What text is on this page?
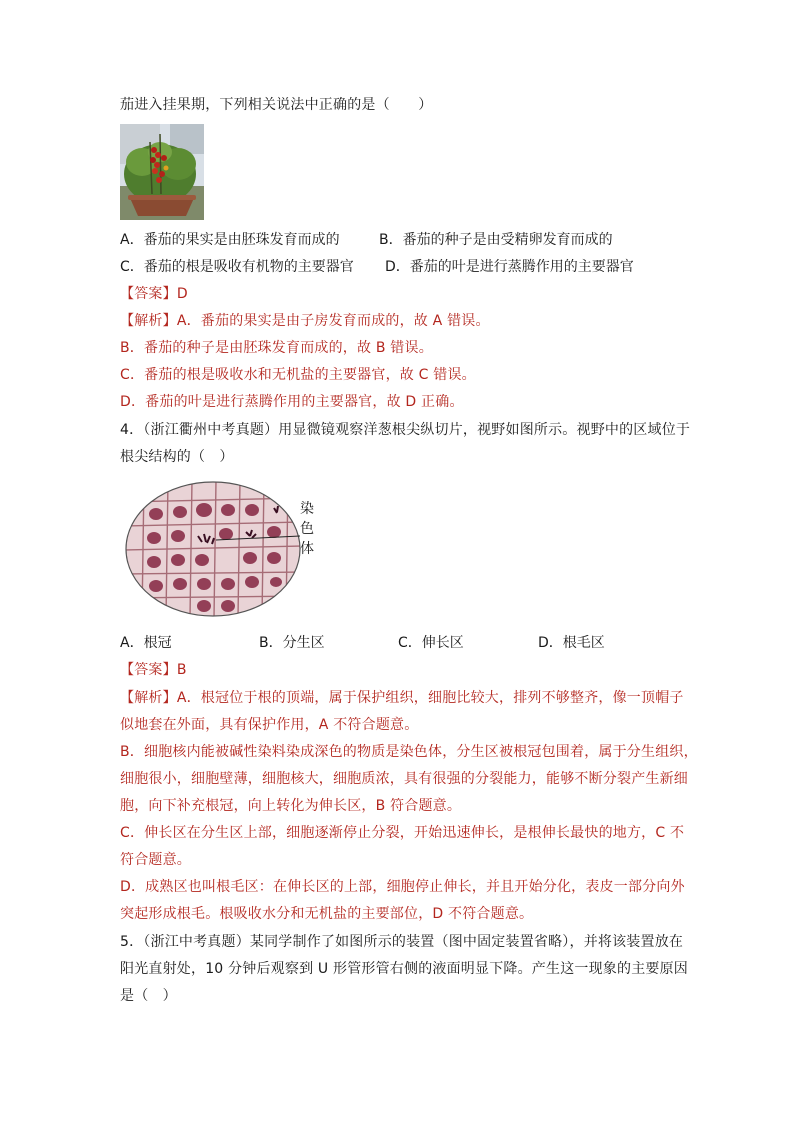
茄进入挂果期，下列相关说法中正确的是（　　）
A．番茄的果实是由胚珠发育而成的	B．番茄的种子是由受精卵发育而成的
C．番茄的根是吸收有机物的主要器官 D．番茄的叶是进行蒸腾作用的主要器官
【答案】D
【解析】A．番茄的果实是由子房发育而成的，故 A 错误。
B．番茄的种子是由胚珠发育而成的，故 B 错误。
C．番茄的根是吸收水和无机盐的主要器官，故 C 错误。
D．番茄的叶是进行蒸腾作用的主要器官，故 D 正确。
4．（浙江衢州中考真题）用显微镜观察洋葱根尖纵切片，视野如图所示。视野中的区域位于
根尖结构的（　）
染
色
体
A．根冠	B．分生区	C．伸长区	D．根毛区
【答案】B
【解析】A．根冠位于根的顶端，属于保护组织，细胞比较大，排列不够整齐，像一顶帽子
似地套在外面，具有保护作用，A 不符合题意。
B．细胞核内能被碱性染料染成深色的物质是染色体，分生区被根冠包围着，属于分生组织，
细胞很小，细胞壁薄，细胞核大，细胞质浓，具有很强的分裂能力，能够不断分裂产生新细
胞，向下补充根冠，向上转化为伸长区，B 符合题意。
C．伸长区在分生区上部，细胞逐渐停止分裂，开始迅速伸长，是根伸长最快的地方，C 不
符合题意。
D．成熟区也叫根毛区：在伸长区的上部，细胞停止伸长，并且开始分化，表皮一部分向外
突起形成根毛。根吸收水分和无机盐的主要部位，D 不符合题意。
5．（浙江中考真题）某同学制作了如图所示的装置（图中固定装置省略），并将该装置放在
阳光直射处，10 分钟后观察到 U 形管形管右侧的液面明显下降。产生这一现象的主要原因
是（　）
